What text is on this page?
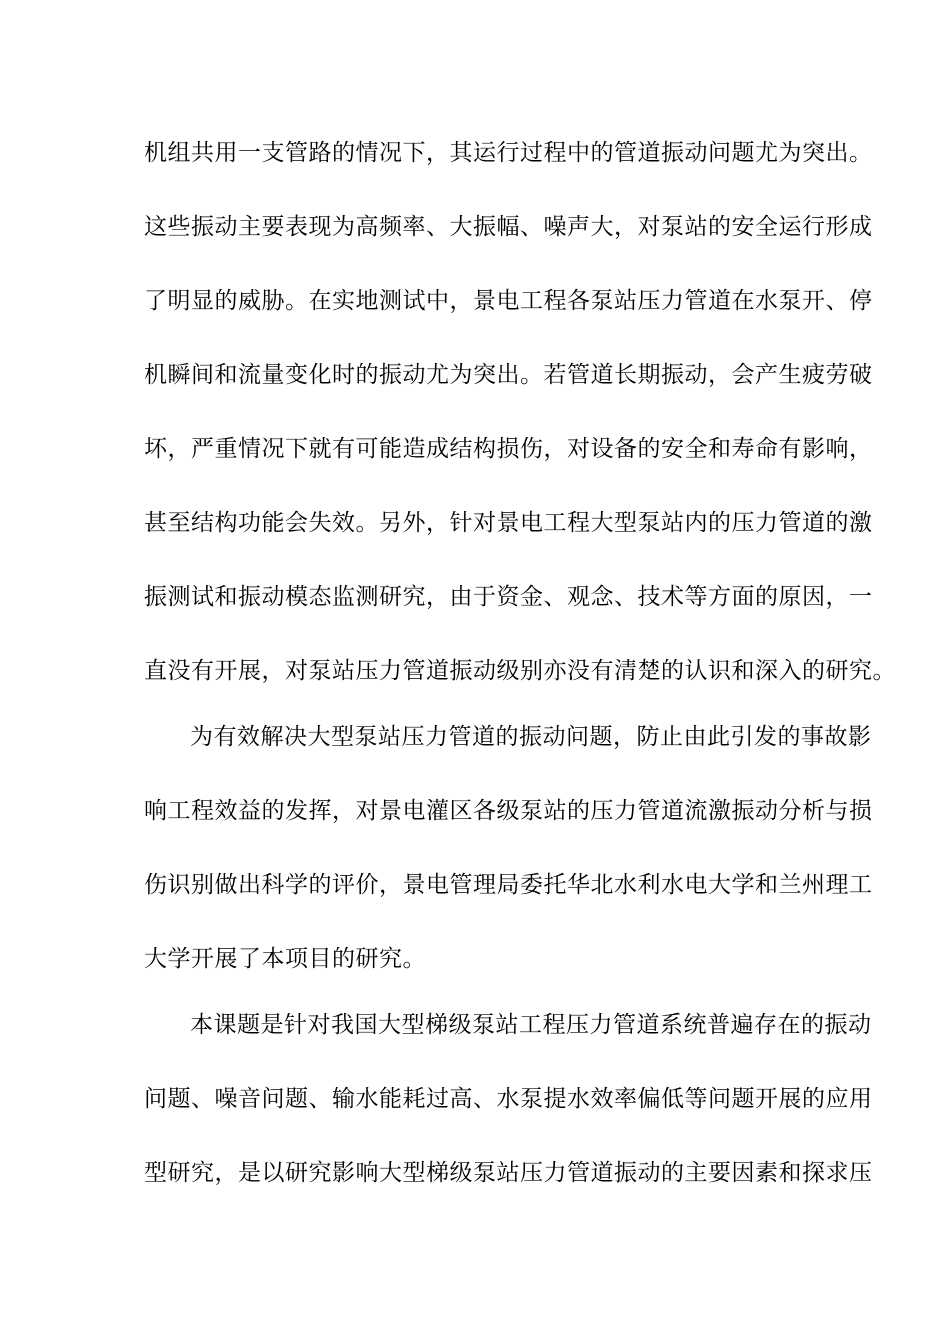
机组共用一支管路的情况下，其运行过程中的管道振动问题尤为突出。
这些振动主要表现为高频率、大振幅、噪声大，对泵站的安全运行形成
了明显的威胁。在实地测试中，景电工程各泵站压力管道在水泵开、停
机瞬间和流量变化时的振动尤为突出。若管道长期振动，会产生疲劳破
坏，严重情况下就有可能造成结构损伤，对设备的安全和寿命有影响，
甚至结构功能会失效。另外，针对景电工程大型泵站内的压力管道的激
振测试和振动模态监测研究，由于资金、观念、技术等方面的原因，一
直没有开展，对泵站压力管道振动级别亦没有清楚的认识和深入的研究。
为有效解决大型泵站压力管道的振动问题，防止由此引发的事故影
响工程效益的发挥，对景电灌区各级泵站的压力管道流激振动分析与损
伤识别做出科学的评价，景电管理局委托华北水利水电大学和兰州理工
大学开展了本项目的研究。
本课题是针对我国大型梯级泵站工程压力管道系统普遍存在的振动
问题、噪音问题、输水能耗过高、水泵提水效率偏低等问题开展的应用
型研究，是以研究影响大型梯级泵站压力管道振动的主要因素和探求压
